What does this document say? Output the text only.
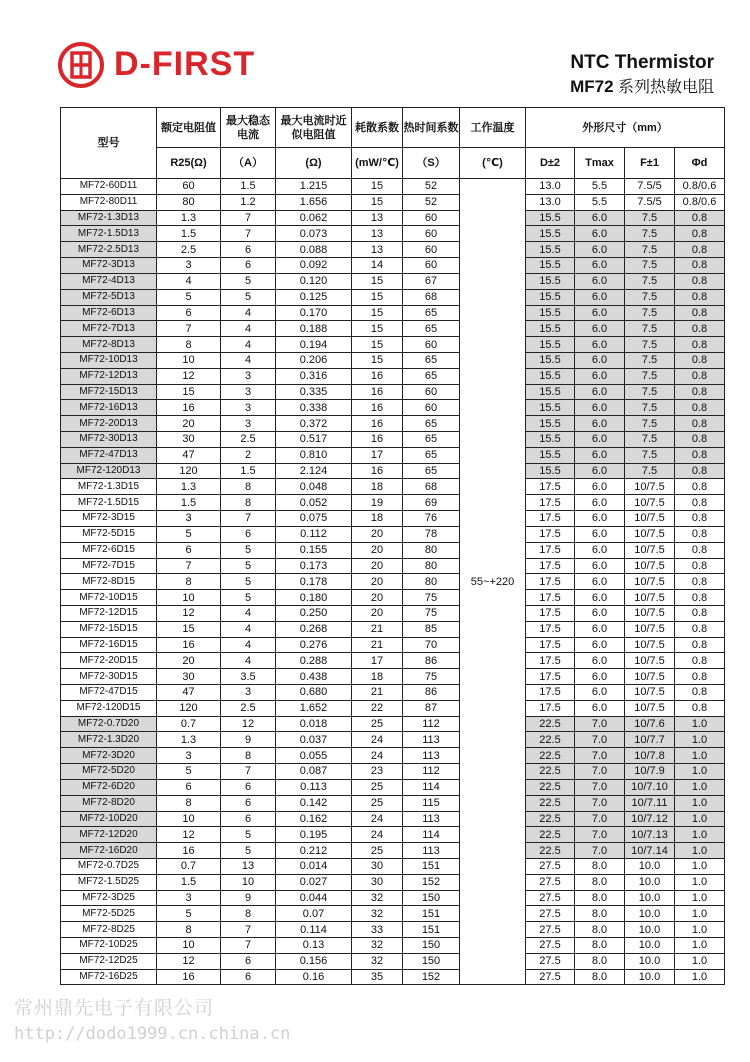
D-FIRST	NTC Thermistor
MF72 系列热敏电阻
型号	额定电阻值	最大稳态电流	最大电流时近似电阻值	耗散系数	热时间系数	工作温度	外形尺寸（mm）			
	R25(Ω)	（A）	(Ω)	(mW/℃)	（S）	(℃)	D±2	Tmax	F±1	Φd
MF72-60D11	60	1.5	1.215	15	52	55~+220	13.0	5.5	7.5/5	0.8/0.6
MF72-80D11	80	1.2	1.656	15	52		13.0	5.5	7.5/5	0.8/0.6
MF72-1.3D13	1.3	7	0.062	13	60		15.5	6.0	7.5	0.8
MF72-1.5D13	1.5	7	0.073	13	60		15.5	6.0	7.5	0.8
MF72-2.5D13	2.5	6	0.088	13	60		15.5	6.0	7.5	0.8
MF72-3D13	3	6	0.092	14	60		15.5	6.0	7.5	0.8
MF72-4D13	4	5	0.120	15	67		15.5	6.0	7.5	0.8
MF72-5D13	5	5	0.125	15	68		15.5	6.0	7.5	0.8
MF72-6D13	6	4	0.170	15	65		15.5	6.0	7.5	0.8
MF72-7D13	7	4	0.188	15	65		15.5	6.0	7.5	0.8
MF72-8D13	8	4	0.194	15	60		15.5	6.0	7.5	0.8
MF72-10D13	10	4	0.206	15	65		15.5	6.0	7.5	0.8
MF72-12D13	12	3	0.316	16	65		15.5	6.0	7.5	0.8
MF72-15D13	15	3	0.335	16	60		15.5	6.0	7.5	0.8
MF72-16D13	16	3	0.338	16	60		15.5	6.0	7.5	0.8
MF72-20D13	20	3	0.372	16	65		15.5	6.0	7.5	0.8
MF72-30D13	30	2.5	0.517	16	65		15.5	6.0	7.5	0.8
MF72-47D13	47	2	0.810	17	65		15.5	6.0	7.5	0.8
MF72-120D13	120	1.5	2.124	16	65		15.5	6.0	7.5	0.8
MF72-1.3D15	1.3	8	0.048	18	68		17.5	6.0	10/7.5	0.8
MF72-1.5D15	1.5	8	0.052	19	69		17.5	6.0	10/7.5	0.8
MF72-3D15	3	7	0.075	18	76		17.5	6.0	10/7.5	0.8
MF72-5D15	5	6	0.112	20	78		17.5	6.0	10/7.5	0.8
MF72-6D15	6	5	0.155	20	80		17.5	6.0	10/7.5	0.8
MF72-7D15	7	5	0.173	20	80		17.5	6.0	10/7.5	0.8
MF72-8D15	8	5	0.178	20	80		17.5	6.0	10/7.5	0.8
MF72-10D15	10	5	0.180	20	75		17.5	6.0	10/7.5	0.8
MF72-12D15	12	4	0.250	20	75		17.5	6.0	10/7.5	0.8
MF72-15D15	15	4	0.268	21	85		17.5	6.0	10/7.5	0.8
MF72-16D15	16	4	0.276	21	70		17.5	6.0	10/7.5	0.8
MF72-20D15	20	4	0.288	17	86		17.5	6.0	10/7.5	0.8
MF72-30D15	30	3.5	0.438	18	75		17.5	6.0	10/7.5	0.8
MF72-47D15	47	3	0.680	21	86		17.5	6.0	10/7.5	0.8
MF72-120D15	120	2.5	1.652	22	87		17.5	6.0	10/7.5	0.8
MF72-0.7D20	0.7	12	0.018	25	112		22.5	7.0	10/7.6	1.0
MF72-1.3D20	1.3	9	0.037	24	113		22.5	7.0	10/7.7	1.0
MF72-3D20	3	8	0.055	24	113		22.5	7.0	10/7.8	1.0
MF72-5D20	5	7	0.087	23	112		22.5	7.0	10/7.9	1.0
MF72-6D20	6	6	0.113	25	114		22.5	7.0	10/7.10	1.0
MF72-8D20	8	6	0.142	25	115		22.5	7.0	10/7.11	1.0
MF72-10D20	10	6	0.162	24	113		22.5	7.0	10/7.12	1.0
MF72-12D20	12	5	0.195	24	114		22.5	7.0	10/7.13	1.0
MF72-16D20	16	5	0.212	25	113		22.5	7.0	10/7.14	1.0
MF72-0.7D25	0.7	13	0.014	30	151		27.5	8.0	10.0	1.0
MF72-1.5D25	1.5	10	0.027	30	152		27.5	8.0	10.0	1.0
MF72-3D25	3	9	0.044	32	150		27.5	8.0	10.0	1.0
MF72-5D25	5	8	0.07	32	151		27.5	8.0	10.0	1.0
MF72-8D25	8	7	0.114	33	151		27.5	8.0	10.0	1.0
MF72-10D25	10	7	0.13	32	150		27.5	8.0	10.0	1.0
MF72-12D25	12	6	0.156	32	150		27.5	8.0	10.0	1.0
MF72-16D25	16	6	0.16	35	152		27.5	8.0	10.0	1.0
常州鼎先电子有限公司
http://dodo1999.cn.china.cn
